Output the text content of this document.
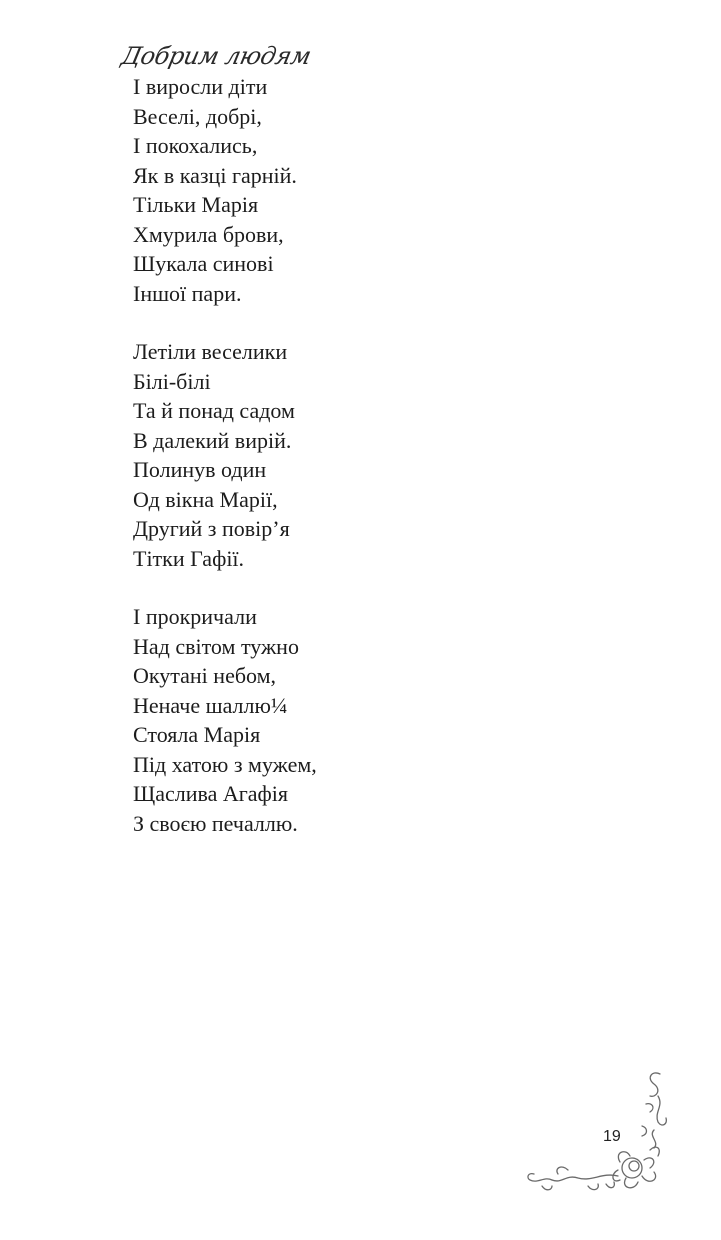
Добрим людям
І виросли діти
Веселі, добрі,
І покохались,
Як в казці гарній.
Тільки Марія
Хмурила брови,
Шукала синові
Іншої пари.
Летіли веселики
Білі-білі
Та й понад садом
В далекий вирій.
Полинув один
Од вікна Марії,
Другий з повір’я
Тітки Гафії.
І прокричали
Над світом тужно
Окутані небом,
Неначе шаллю¼
Стояла Марія
Під хатою з мужем,
Щаслива Агафія
З своєю печаллю.
19
